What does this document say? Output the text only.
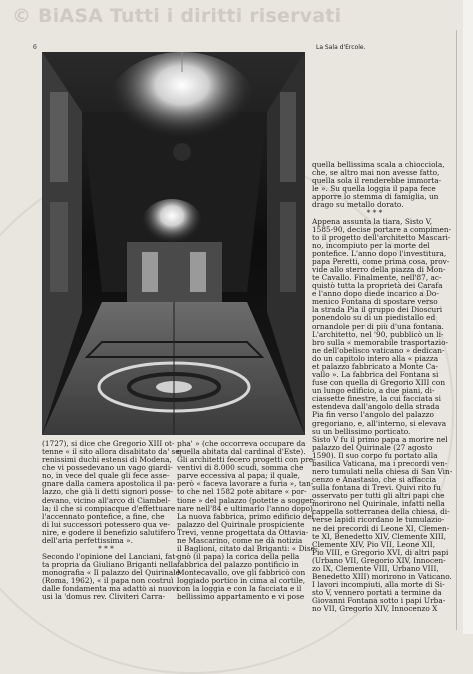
© BiASA Tutti i diritti riservati
6	La Sala d'Ercole.

(1727), si dice che Gregorio XIII ot-

tenne « il sito allora disabitato da' se-

renissimi duchi estensi di Modena,

che vi possedevano un vago giardi-

no, in vece del quale gli fece asse-

gnare dalla camera apostolica il pa-

lazzo, che già li detti signori posse-

devano, vicino all'arco di Ciambel-

la; il che si compiacque d'effettuare

l'accennato pontefice, a fine, che

di lui successori potessero qua ve-

nire, e godere il benefizio salutifero

dell'aria perfettissima ».

* * *

Secondo l'opinione del Lanciani, fat-

ta propria da Giuliano Briganti nella

monografia « Il palazzo del Quirinale

(Roma, 1962), « il papa non costruì

dalle fondamenta ma adattò ai nuovi

usi la 'domus rev. Cliviteri Carra-

pha' » (che occorreva occupare da

quella abitata dal cardinal d'Este).

Gli architetti fecero progetti con pre-

ventivi di 8.000 scudi, somma che

parve eccessiva al papa; il quale,

però « faceva lavorare a furia », tan-

to che nel 1582 potè abitare « por-

tione » del palazzo (potette a sogger-

nare nell'84 e ultimarlo l'anno dopo).

La nuova fabbrica, primo edificio del

palazzo del Quirinale prospiciente

Trevi, venne progettata da Ottavia-

ne Mascarino, come ne dà notizia

il Baglioni, citato dal Briganti: « Dise-

gnò (il papa) la corica della pella

fabbrica del palazzo pontificio in

Montecavallo, ove gli fabbricò con

loggiado portico in cima al cortile,

con la loggia e con la facciata e il

bellissimo appartamento e vi pose

quella bellissima scala a chiocciola,

che, se altro mai non avesse fatto,

quella sola il renderebbe immorta-

le ». Su quella loggia il papa fece

apporre lo stemma di famiglia, un

drago su metallo dorato.

* * *

Appena assunta la tiara, Sisto V,

1585-90, decise portare a compimen-

to il progetto dell'architetto Mascari-

no, incompiuto per la morte del

pontefice. L'anno dopo l'investitura,

papa Peretti, come prima cosa, prov-

vide allo sterro della piazza di Mon-

te Cavallo. Finalmente, nell'87, ac-

quistò tutta la proprietà dei Carafa

e l'anno dopo diede incarico a Do-

menico Fontana di spostare verso

la strada Pia il gruppo dei Dioscuri

ponendolo su di un piedistallo ed

ornandole per di più d'una fontana.

L'architetto, nel '90, pubblicò un li-

bro sulla « memorabile trasportazio-

ne dell'obelisco vaticano » dedican-

do un capitolo intero alla « piazza

et palazzo fabbricato a Monte Ca-

vallo ». La fabbrica del Fontana si

fuse con quella di Gregorio XIII con

un lungo edificio, a due piani, di-

ciassette finestre, la cui facciata si

estendeva dall'angolo della strada

Pia fin verso l'angolo del palazzo

gregoriano, e, all'interno, si elevava

su un bellissimo porticato.

Sisto V fu il primo papa a morire nel

palazzo del Quirinale (27 agosto

1590). Il suo corpo fu portato alla

basilica Vaticana, ma i precordi ven-

nero tumulati nella chiesa di San Vin-

cenzo e Anastasio, che si affaccia

sulla fontana di Trevi. Quivi rito fu

osservato per tutti gli altri papi che

morirono nel Quirinale, infatti nella

cappella sotterranea della chiesa, di-

verse lapidi ricordano le tumulazio-

ne dei precordi di Leone XI, Clemen-

te XI, Benedetto XIV, Clemente XIII,

Clemente XIV, Pio VII, Leone XII,

Pio VIII, e Gregorio XVI, di altri papi

(Urbano VII, Gregorio XIV, Innocen-

zo IX, Clemente VIII, Urbano VIII,

Benedetto XIII) morirono in Vaticano.

I lavori incompiuti, alla morte di Si-

sto V, vennero portati a termine da

Giovanni Fontana sotto i papi Urba-

no VII, Gregorio XIV, Innocenzo X
